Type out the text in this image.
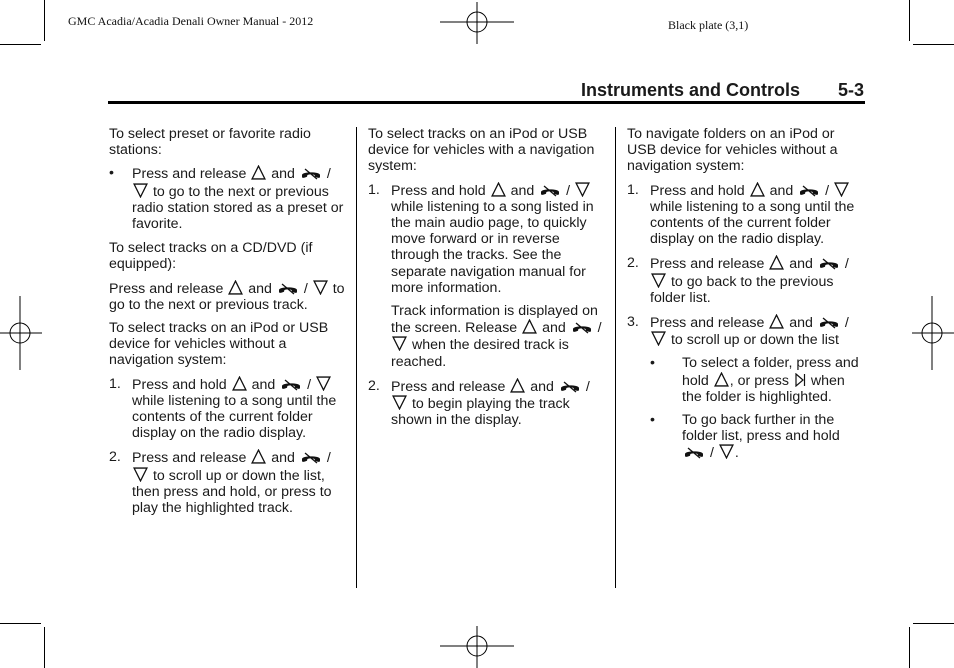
GMC Acadia/Acadia Denali Owner Manual - 2012	Black plate (3,1)
Instruments and Controls 5-3

To select preset or favorite radio stations:

• Press and release and /  to go to the next or previous radio station stored as a preset or favorite.

To select tracks on a CD/DVD (if equipped):

Press and release and / to go to the next or previous track.

To select tracks on an iPod or USB device for vehicles without a navigation system:

1. Press and hold and /  while listening to a song until the contents of the current folder display on the radio display.
2. Press and release and /  to scroll up or down the list, then press and hold, or press to play the highlighted track.

To select tracks on an iPod or USB device for vehicles with a navigation system:

1. Press and hold and /  while listening to a song listed in the main audio page, to quickly move forward or in reverse through the tracks. See the separate navigation manual for more information.

Track information is displayed on the screen. Release and /  when the desired track is reached.

2. Press and release and /  to begin playing the track shown in the display.

To navigate folders on an iPod or USB device for vehicles without a navigation system:

1. Press and hold and /  while listening to a song until the contents of the current folder display on the radio display.
2. Press and release and /  to go back to the previous folder list.
3. Press and release and /  to scroll up or down the list

• To select a folder, press and hold , or press when the folder is highlighted.
• To go back further in the folder list, press and hold  / .
